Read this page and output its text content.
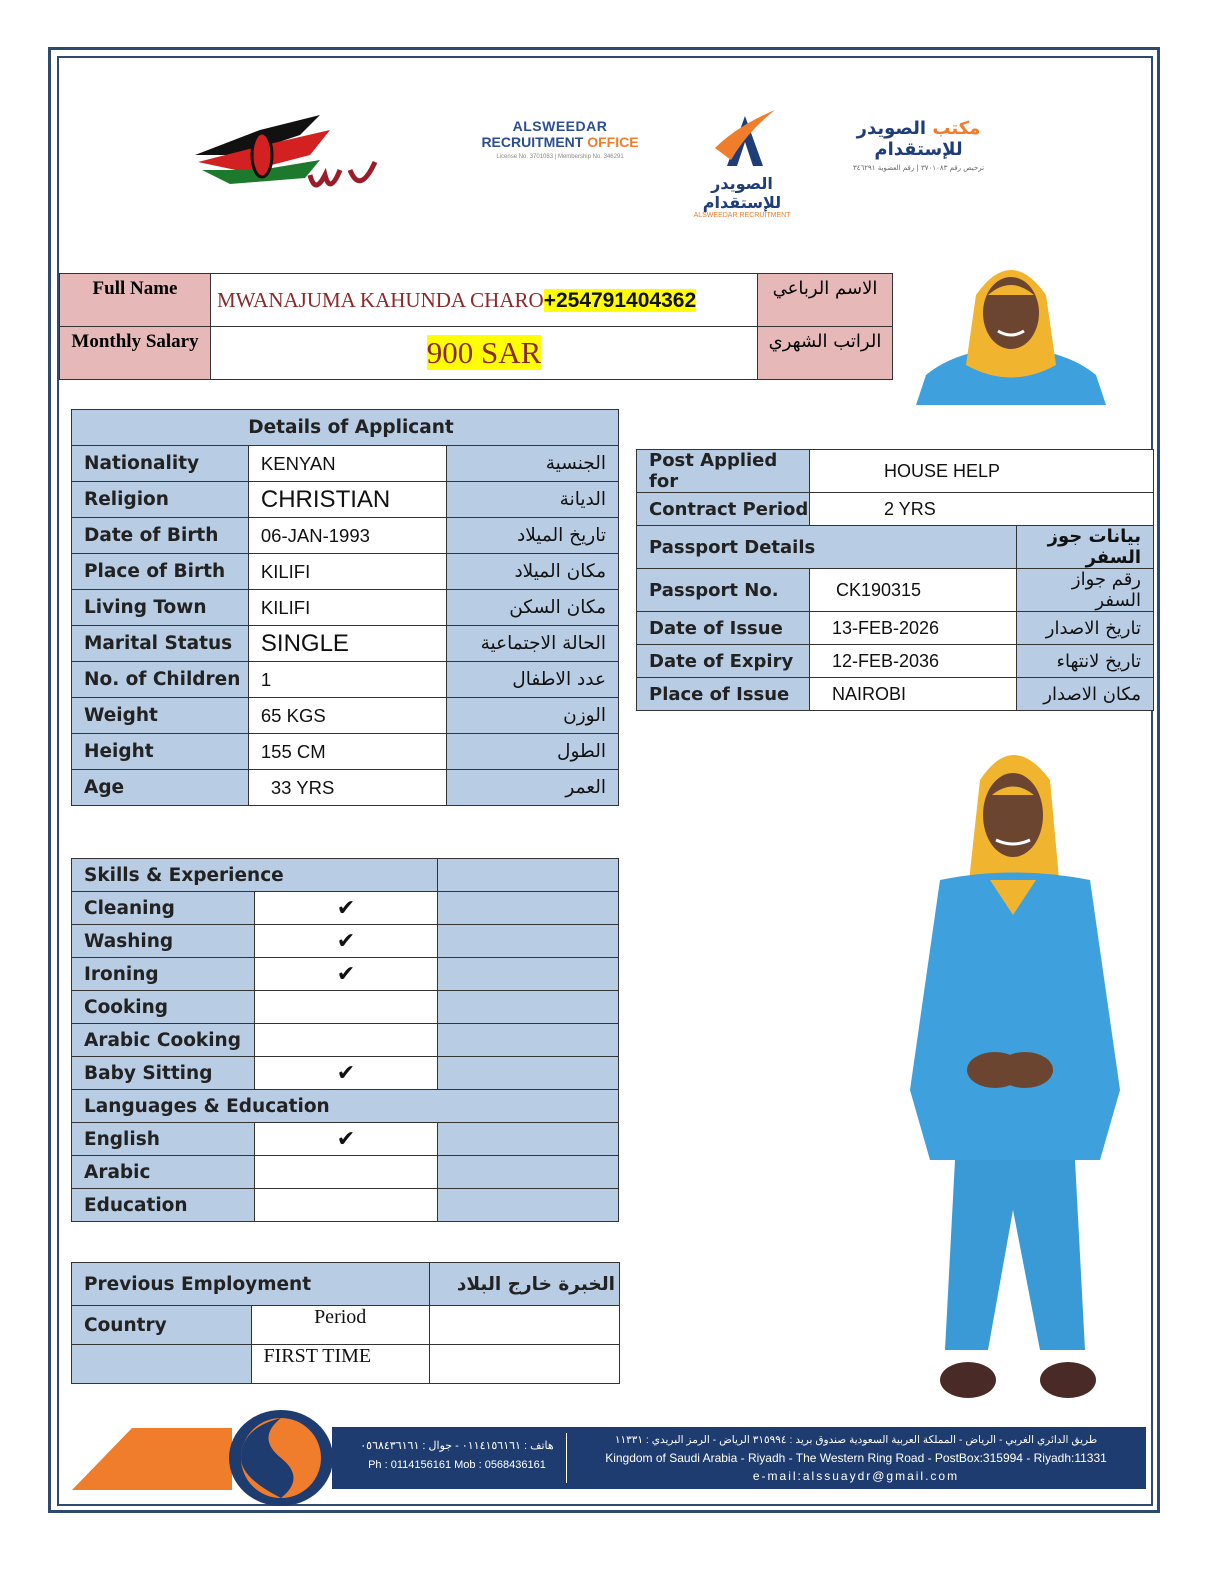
ALSWEEDAR
RECRUITMENT OFFICE
License No. 3701083 | Membership No. 346291
الصويدر للإستقدام
ALSWEEDAR RECRUITMENT
مكتب الصويدر للإستقدام
ترخيص رقم ٣٧٠١٠٨٣ | رقم العضوية ٣٤٦٢٩١
Full Name	MWANAJUMA KAHUNDA CHARO+254791404362	الاسم الرباعي
Monthly Salary	900 SAR	الراتب الشهري
Details of Applicant		
Nationality	KENYAN	الجنسية
Religion	CHRISTIAN	الديانة
Date of Birth	06-JAN-1993	تاريخ الميلاد
Place of Birth	KILIFI	مكان الميلاد
Living Town	KILIFI	مكان السكن
Marital Status	SINGLE	الحالة الاجتماعية
No. of Children	1	عدد الاطفال
Weight	65 KGS	الوزن
Height	155 CM	الطول
Age	33 YRS	العمر
Post Applied for	HOUSE HELP	
Contract Period	2 YRS	
Passport Details		بيانات جوز السفر
Passport No.	CK190315	رقم جواز السفر
Date of Issue	13-FEB-2026	تاريخ الاصدار
Date of Expiry	12-FEB-2036	تاريخ لانتهاء
Place of Issue	NAIROBI	مكان الاصدار
Skills & Experience		
Cleaning	✔	
Washing	✔	
Ironing	✔	
Cooking		
Arabic Cooking		
Baby Sitting	✔	
Languages & Education		
English	✔	
Arabic		
Education		
Previous Employment		الخبرة خارج البلاد
Country	Period	
	FIRST TIME	
هاتف : ٠١١٤١٥٦١٦١ - جوال : ٠٥٦٨٤٣٦١٦١
Ph : 0114156161 Mob : 0568436161
طريق الدائري الغربي - الرياض - المملكة العربية السعودية صندوق بريد : ٣١٥٩٩٤ الرياض - الرمز البريدي : ١١٣٣١
Kingdom of Saudi Arabia - Riyadh - The Western Ring Road - PostBox:315994 - Riyadh:11331
e-mail:alssuaydr@gmail.com
